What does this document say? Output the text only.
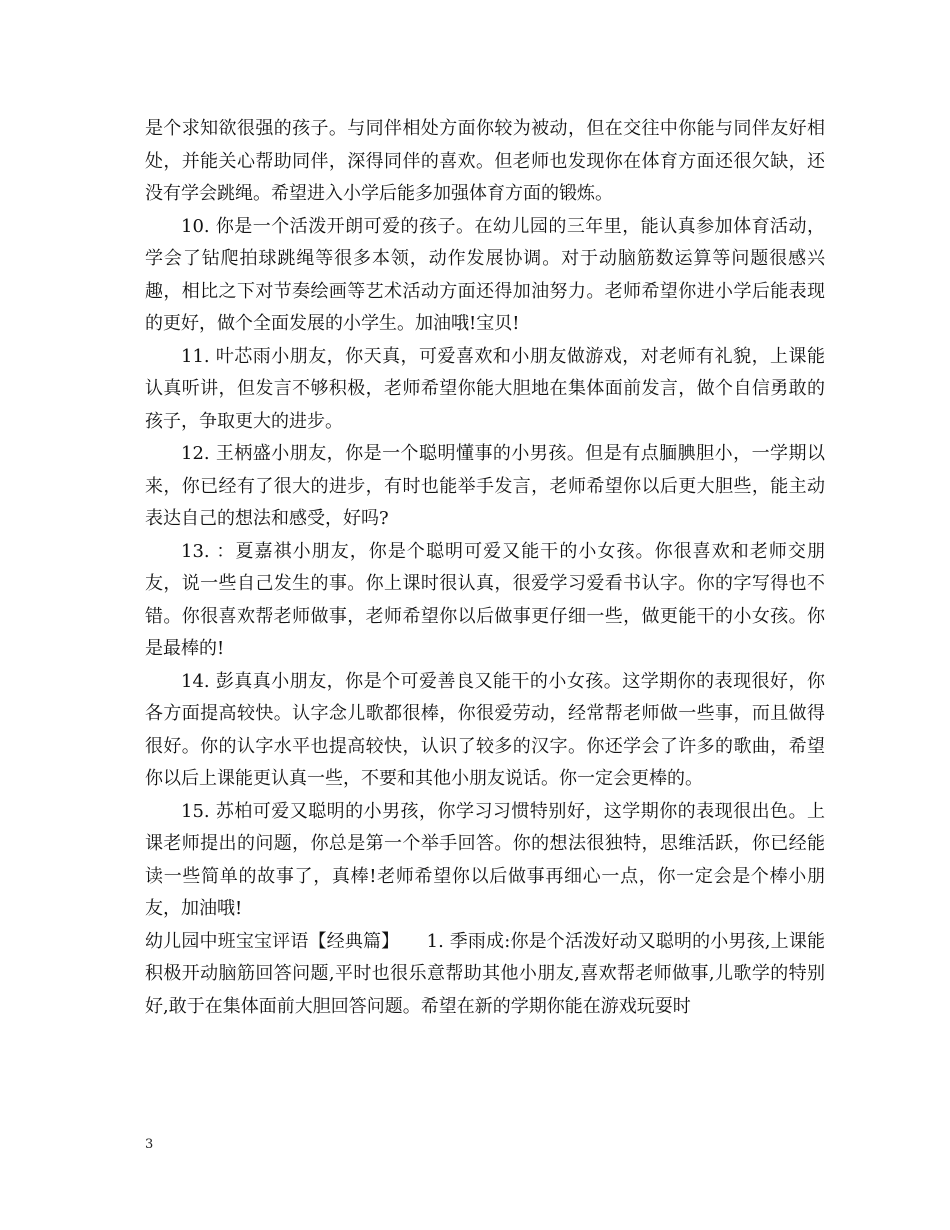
是个求知欲很强的孩子。与同伴相处方面你较为被动，但在交往中你能与同伴友好相处，并能关心帮助同伴，深得同伴的喜欢。但老师也发现你在体育方面还很欠缺，还没有学会跳绳。希望进入小学后能多加强体育方面的锻炼。

10. 你是一个活泼开朗可爱的孩子。在幼儿园的三年里，能认真参加体育活动，学会了钻爬拍球跳绳等很多本领，动作发展协调。对于动脑筋数运算等问题很感兴趣，相比之下对节奏绘画等艺术活动方面还得加油努力。老师希望你进小学后能表现的更好，做个全面发展的小学生。加油哦!宝贝!

11. 叶芯雨小朋友，你天真，可爱喜欢和小朋友做游戏，对老师有礼貌，上课能认真听讲，但发言不够积极，老师希望你能大胆地在集体面前发言，做个自信勇敢的孩子，争取更大的进步。

12. 王柄盛小朋友，你是一个聪明懂事的小男孩。但是有点腼腆胆小，一学期以来，你已经有了很大的进步，有时也能举手发言，老师希望你以后更大胆些，能主动表达自己的想法和感受，好吗?

13. ：夏嘉祺小朋友，你是个聪明可爱又能干的小女孩。你很喜欢和老师交朋友，说一些自己发生的事。你上课时很认真，很爱学习爱看书认字。你的字写得也不错。你很喜欢帮老师做事，老师希望你以后做事更仔细一些，做更能干的小女孩。你是最棒的!

14. 彭真真小朋友，你是个可爱善良又能干的小女孩。这学期你的表现很好，你各方面提高较快。认字念儿歌都很棒，你很爱劳动，经常帮老师做一些事，而且做得很好。你的认字水平也提高较快，认识了较多的汉字。你还学会了许多的歌曲，希望你以后上课能更认真一些，不要和其他小朋友说话。你一定会更棒的。

15. 苏柏可爱又聪明的小男孩，你学习习惯特别好，这学期你的表现很出色。上课老师提出的问题，你总是第一个举手回答。你的想法很独特，思维活跃，你已经能读一些简单的故事了，真棒!老师希望你以后做事再细心一点，你一定会是个棒小朋友，加油哦!

幼儿园中班宝宝评语【经典篇】　　1. 季雨成:你是个活泼好动又聪明的小男孩,上课能积极开动脑筋回答问题,平时也很乐意帮助其他小朋友,喜欢帮老师做事,儿歌学的特别好,敢于在集体面前大胆回答问题。希望在新的学期你能在游戏玩耍时

3
